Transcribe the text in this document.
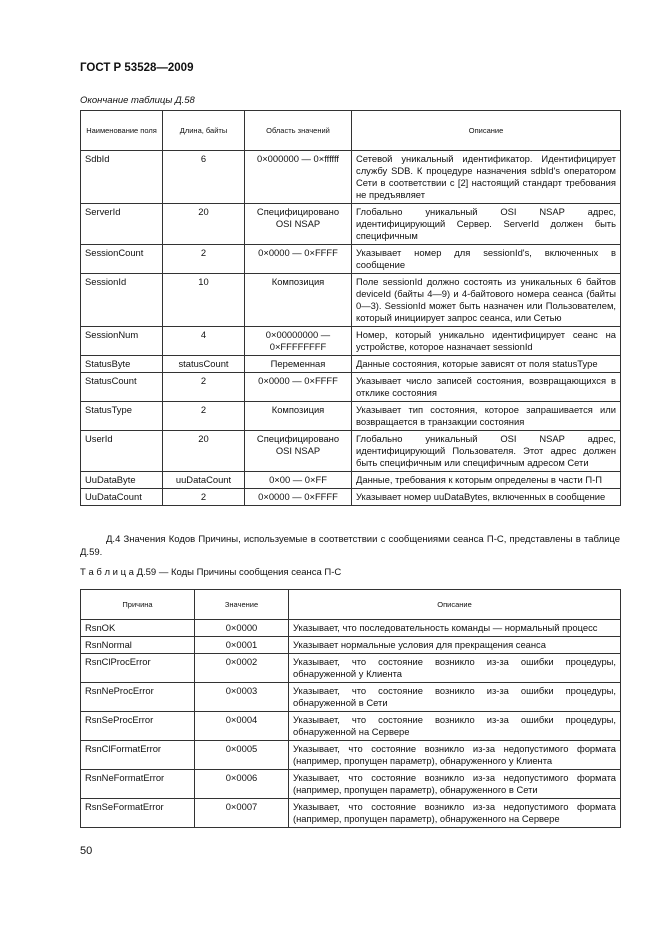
ГОСТ Р 53528—2009
Окончание таблицы Д.58
Наименование поля	Длина, байты	Область значений	Описание
SdbId	6	0×000000 — 0×ffffff	Сетевой уникальный идентификатор. Идентифицирует службу SDB. К процедуре назначения sdbId's оператором Сети в соответствии с [2] настоящий стандарт требования не предъявляет
ServerId	20	Специфицировано OSI NSAP	Глобально уникальный OSI NSAP адрес, идентифицирующий Сервер. ServerId должен быть специфичным
SessionCount	2	0×0000 — 0×FFFF	Указывает номер для sessionId's, включенных в сообщение
SessionId	10	Композиция	Поле sessionId должно состоять из уникальных 6 байтов deviceId (байты 4—9) и 4-байтового номера сеанса (байты 0—3). SessionId может быть назначен или Пользователем, который инициирует запрос сеанса, или Сетью
SessionNum	4	0×00000000 — 0×FFFFFFFF	Номер, который уникально идентифицирует сеанс на устройстве, которое назначает sessionId
StatusByte	statusCount	Переменная	Данные состояния, которые зависят от поля statusType
StatusCount	2	0×0000 — 0×FFFF	Указывает число записей состояния, возвращающихся в отклике состояния
StatusType	2	Композиция	Указывает тип состояния, которое запрашивается или возвращается в транзакции состояния
UserId	20	Специфицировано OSI NSAP	Глобально уникальный OSI NSAP адрес, идентифицирующий Пользователя. Этот адрес должен быть специфичным или специфичным адресом Сети
UuDataByte	uuDataCount	0×00 — 0×FF	Данные, требования к которым определены в части П-П
UuDataCount	2	0×0000 — 0×FFFF	Указывает номер uuDataBytes, включенных в сообщение
Д.4 Значения Кодов Причины, используемые в соответствии с сообщениями сеанса П-С, представлены в таблице Д.59.
Т а б л и ц а Д.59 — Коды Причины сообщения сеанса П-С
Причина	Значение	Описание
RsnOK	0×0000	Указывает, что последовательность команды — нормальный процесс
RsnNormal	0×0001	Указывает нормальные условия для прекращения сеанса
RsnClProcError	0×0002	Указывает, что состояние возникло из-за ошибки процедуры, обнаруженной у Клиента
RsnNeProcError	0×0003	Указывает, что состояние возникло из-за ошибки процедуры, обнаруженной в Сети
RsnSeProcError	0×0004	Указывает, что состояние возникло из-за ошибки процедуры, обнаруженной на Сервере
RsnClFormatError	0×0005	Указывает, что состояние возникло из-за недопустимого формата (например, пропущен параметр), обнаруженного у Клиента
RsnNeFormatError	0×0006	Указывает, что состояние возникло из-за недопустимого формата (например, пропущен параметр), обнаруженного в Сети
RsnSeFormatError	0×0007	Указывает, что состояние возникло из-за недопустимого формата (например, пропущен параметр), обнаруженного на Сервере
50
